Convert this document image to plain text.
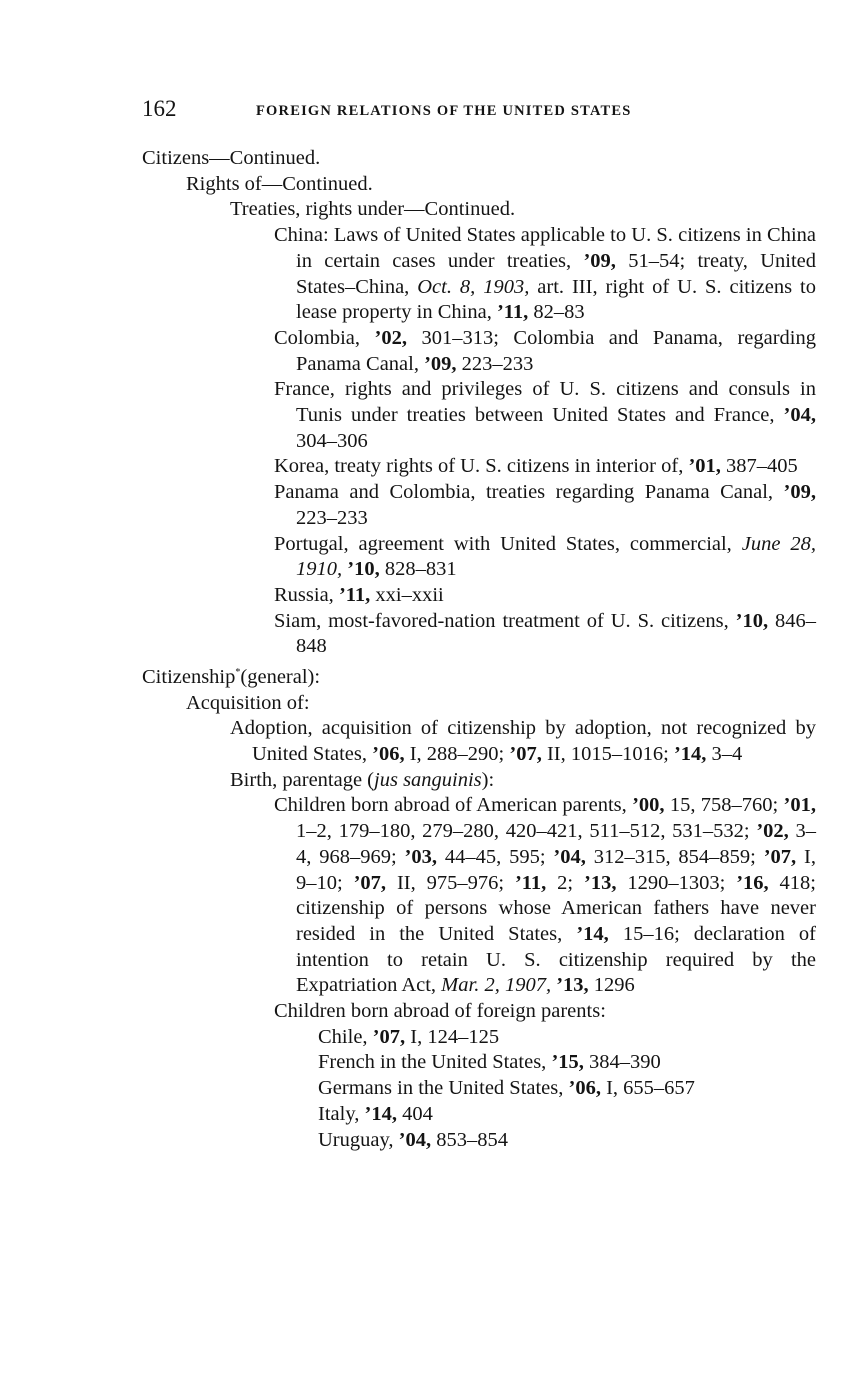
162	FOREIGN RELATIONS OF THE UNITED STATES
Citizens—Continued.
Rights of—Continued.
Treaties, rights under—Continued.
China: Laws of United States applicable to U. S. citizens in China in certain cases under treaties, ’09, 51–54; treaty, United States–China, Oct. 8, 1903, art. III, right of U. S. citizens to lease property in China, ’11, 82–83
Colombia, ’02, 301–313; Colombia and Panama, regarding Panama Canal, ’09, 223–233
France, rights and privileges of U. S. citizens and consuls in Tunis under treaties between United States and France, ’04, 304–306
Korea, treaty rights of U. S. citizens in interior of, ’01, 387–405
Panama and Colombia, treaties regarding Panama Canal, ’09, 223–233
Portugal, agreement with United States, commercial, June 28, 1910, ’10, 828–831
Russia, ’11, xxi–xxii
Siam, most-favored-nation treatment of U. S. citizens, ’10, 846–848
Citizenship*(general):
Acquisition of:
Adoption, acquisition of citizenship by adoption, not recognized by United States, ’06, I, 288–290; ’07, II, 1015–1016; ’14, 3–4
Birth, parentage (jus sanguinis):
Children born abroad of American parents, ’00, 15, 758–760; ’01, 1–2, 179–180, 279–280, 420–421, 511–512, 531–532; ’02, 3–4, 968–969; ’03, 44–45, 595; ’04, 312–315, 854–859; ’07, I, 9–10; ’07, II, 975–976; ’11, 2; ’13, 1290–1303; ’16, 418; citizenship of persons whose American fathers have never resided in the United States, ’14, 15–16; declaration of intention to retain U. S. citizenship required by the Expatriation Act, Mar. 2, 1907, ’13, 1296
Children born abroad of foreign parents:
Chile, ’07, I, 124–125
French in the United States, ’15, 384–390
Germans in the United States, ’06, I, 655–657
Italy, ’14, 404
Uruguay, ’04, 853–854
